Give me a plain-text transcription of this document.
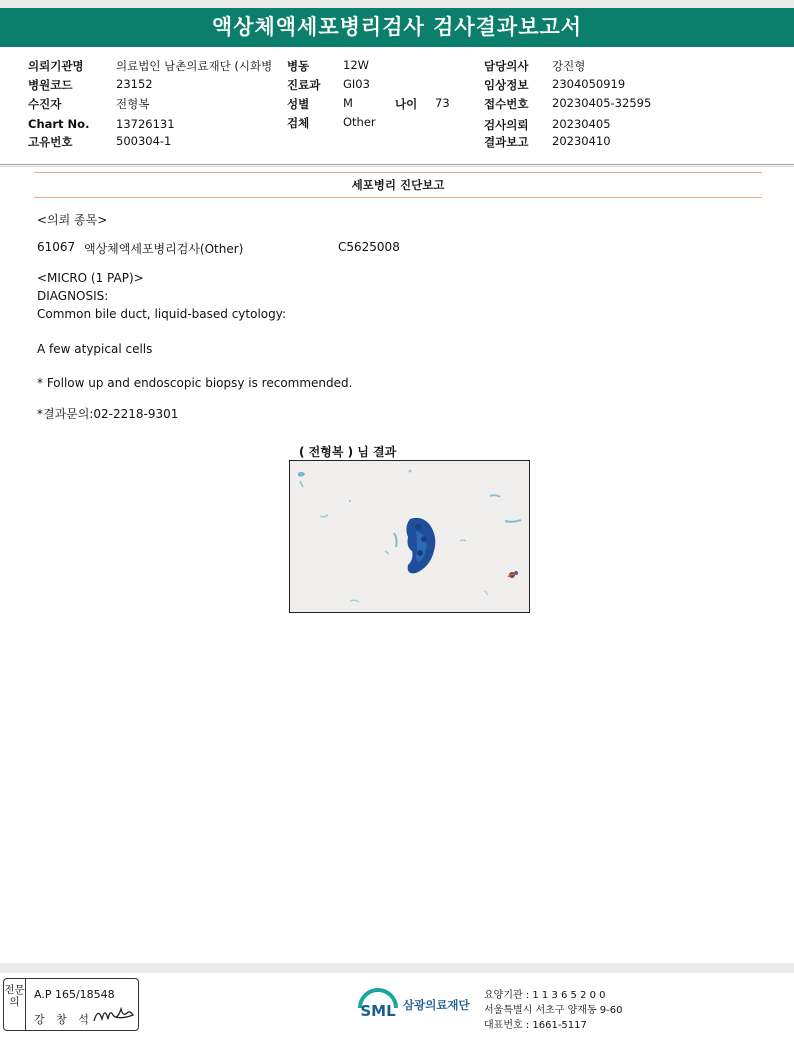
액상체액세포병리검사 검사결과보고서
의뢰기관명	의료법인 남촌의료재단 (시화병
병원코드	23152
수진자	전형복
Chart No. 13726131
고유번호	500304-1
병동	12W
진료과 GI03
성별	M	나이 73
검체	Other
담당의사 강진형
임상정보 2304050919
접수번호 20230405-32595
검사의뢰 20230405
결과보고 20230410
세포병리 진단보고
<의뢰 종목>
61067 액상체액세포병리검사(Other)	C5625008
<MICRO (1 PAP)>
DIAGNOSIS:
Common bile duct, liquid-based cytology:
A few atypical cells
* Follow up and endoscopic biopsy is recommended.
*결과문의:02-2218-9301
( 전형복 ) 님 결과
전문의
A.P 165/18548
강 창 석	SML 삼광의료재단
요양기관 : 1 1 3 6 5 2 0 0
서울특별시 서초구 양재동 9-60
대표번호 : 1661-5117
